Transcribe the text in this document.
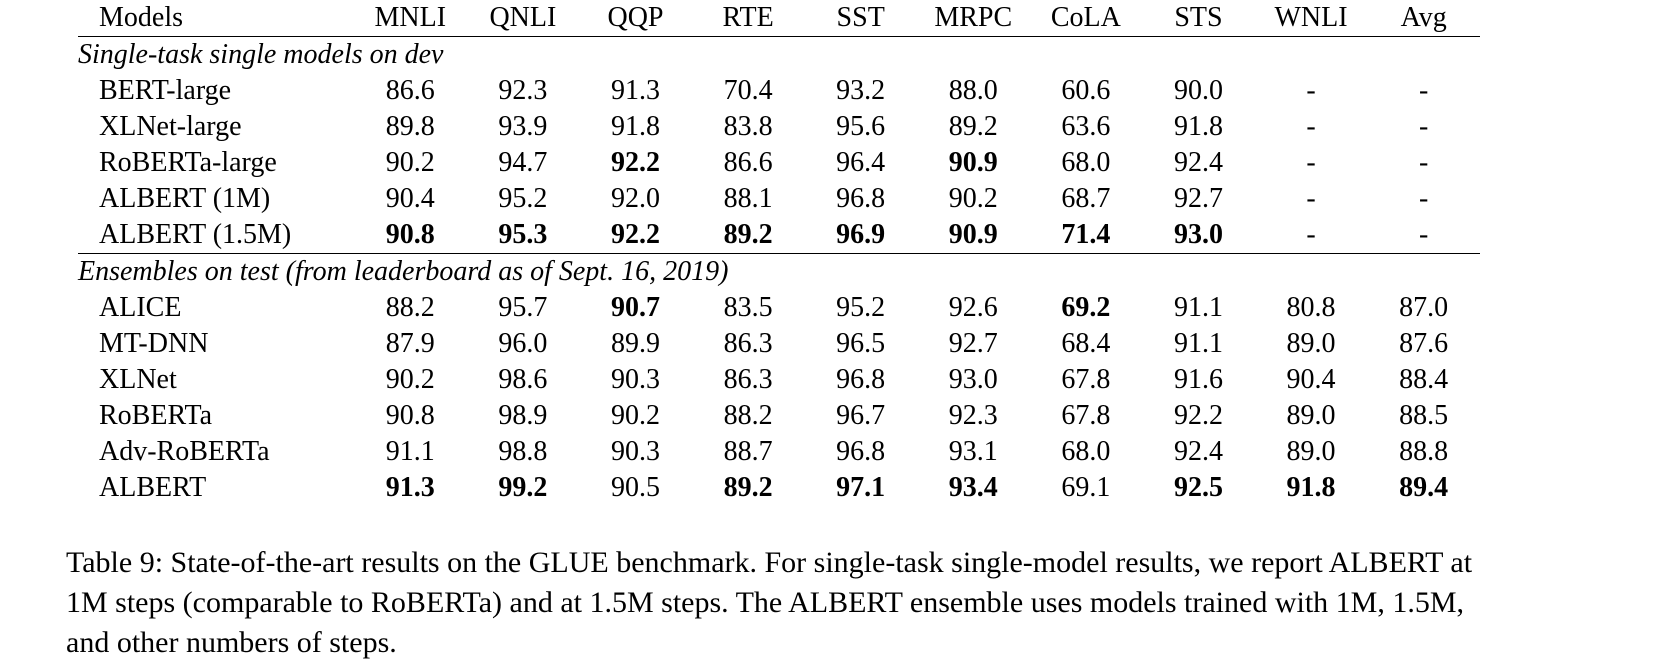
Models	MNLI	QNLI	QQP	RTE	SST	MRPC	CoLA	STS	WNLI	Avg
Single-task single models on dev										
BERT-large	86.6	92.3	91.3	70.4	93.2	88.0	60.6	90.0	-	-
XLNet-large	89.8	93.9	91.8	83.8	95.6	89.2	63.6	91.8	-	-
RoBERTa-large	90.2	94.7	92.2	86.6	96.4	90.9	68.0	92.4	-	-
ALBERT (1M)	90.4	95.2	92.0	88.1	96.8	90.2	68.7	92.7	-	-
ALBERT (1.5M)	90.8	95.3	92.2	89.2	96.9	90.9	71.4	93.0	-	-
Ensembles on test (from leaderboard as of Sept. 16, 2019)										
ALICE	88.2	95.7	90.7	83.5	95.2	92.6	69.2	91.1	80.8	87.0
MT-DNN	87.9	96.0	89.9	86.3	96.5	92.7	68.4	91.1	89.0	87.6
XLNet	90.2	98.6	90.3	86.3	96.8	93.0	67.8	91.6	90.4	88.4
RoBERTa	90.8	98.9	90.2	88.2	96.7	92.3	67.8	92.2	89.0	88.5
Adv-RoBERTa	91.1	98.8	90.3	88.7	96.8	93.1	68.0	92.4	89.0	88.8
ALBERT	91.3	99.2	90.5	89.2	97.1	93.4	69.1	92.5	91.8	89.4

Table 9: State-of-the-art results on the GLUE benchmark. For single-task single-model results, we report ALBERT at 1M steps (comparable to RoBERTa) and at 1.5M steps. The ALBERT ensemble uses models trained with 1M, 1.5M, and other numbers of steps.
